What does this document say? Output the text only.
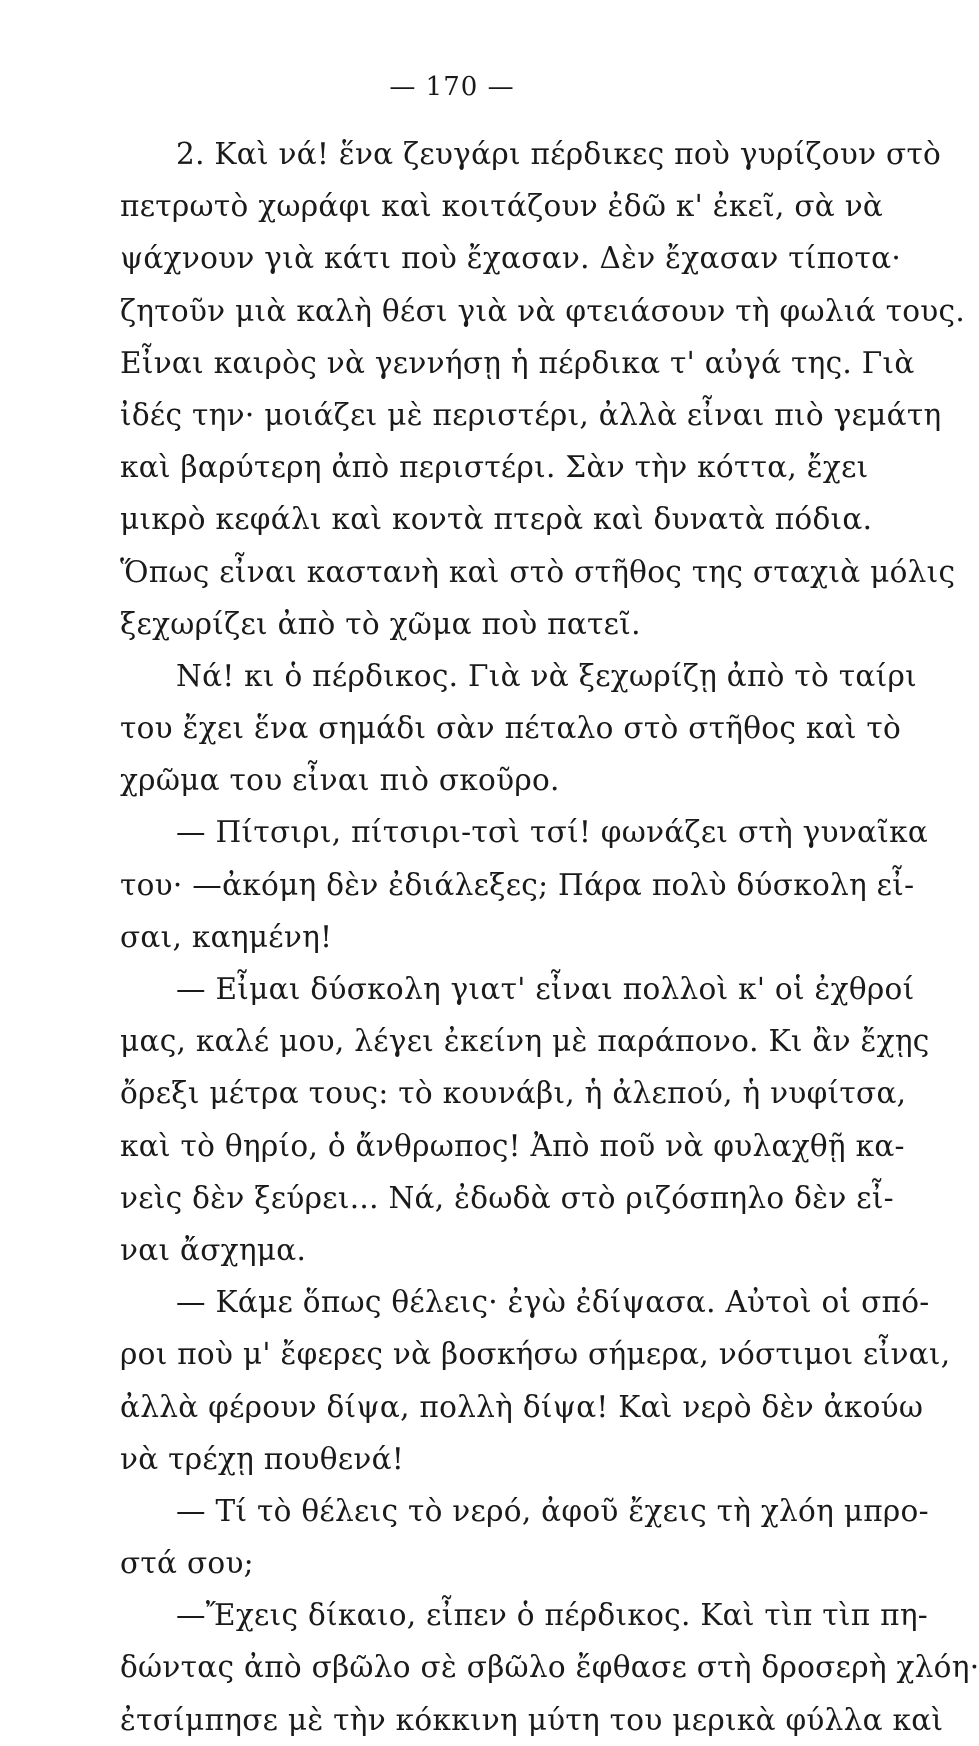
— 170 —
2. Καὶ νά! ἕνα ζευγάρι πέρδικες ποὺ γυρίζουν στὸ
πετρωτὸ χωράφι καὶ κοιτάζουν ἐδῶ κ' ἐκεῖ, σὰ νὰ
ψάχνουν γιὰ κάτι ποὺ ἔχασαν. Δὲν ἔχασαν τίποτα·
ζητοῦν μιὰ καλὴ θέσι γιὰ νὰ φτειάσουν τὴ φωλιά τους.
Εἶναι καιρὸς νὰ γεννήσῃ ἡ πέρδικα τ' αὐγά της. Γιὰ
ἰδές την· μοιάζει μὲ περιστέρι, ἀλλὰ εἶναι πιὸ γεμάτη
καὶ βαρύτερη ἀπὸ περιστέρι. Σὰν τὴν κόττα, ἔχει
μικρὸ κεφάλι καὶ κοντὰ πτερὰ καὶ δυνατὰ πόδια.
Ὅπως εἶναι καστανὴ καὶ στὸ στῆθος της σταχιὰ μόλις
ξεχωρίζει ἀπὸ τὸ χῶμα ποὺ πατεῖ.
Νά! κι ὁ πέρδικος. Γιὰ νὰ ξεχωρίζῃ ἀπὸ τὸ ταίρι
του ἔχει ἕνα σημάδι σὰν πέταλο στὸ στῆθος καὶ τὸ
χρῶμα του εἶναι πιὸ σκοῦρο.
— Πίτσιρι, πίτσιρι-τσὶ τσί! φωνάζει στὴ γυναῖκα
του· —ἀκόμη δὲν ἐδιάλεξες; Πάρα πολὺ δύσκολη εἶ-
σαι, καημένη!
— Εἶμαι δύσκολη γιατ' εἶναι πολλοὶ κ' οἱ ἐχθροί
μας, καλέ μου, λέγει ἐκείνη μὲ παράπονο. Κι ἂν ἔχῃς
ὄρεξι μέτρα τους: τὸ κουνάβι, ἡ ἀλεπού, ἡ νυφίτσα,
καὶ τὸ θηρίο, ὁ ἄνθρωπος! Ἀπὸ ποῦ νὰ φυλαχθῇ κα-
νεὶς δὲν ξεύρει... Νά, ἐδωδὰ στὸ ριζόσπηλο δὲν εἶ-
ναι ἄσχημα.
— Κάμε ὅπως θέλεις· ἐγὼ ἐδίψασα. Αὐτοὶ οἱ σπό-
ροι ποὺ μ' ἔφερες νὰ βοσκήσω σήμερα, νόστιμοι εἶναι,
ἀλλὰ φέρουν δίψα, πολλὴ δίψα! Καὶ νερὸ δὲν ἀκούω
νὰ τρέχῃ πουθενά!
— Τί τὸ θέλεις τὸ νερό, ἀφοῦ ἔχεις τὴ χλόη μπρο-
στά σου;
—Ἔχεις δίκαιο, εἶπεν ὁ πέρδικος. Καὶ τὶπ τὶπ πη-
δώντας ἀπὸ σβῶλο σὲ σβῶλο ἔφθασε στὴ δροσερὴ χλόη·
ἐτσίμπησε μὲ τὴν κόκκινη μύτη του μερικὰ φύλλα καὶ
